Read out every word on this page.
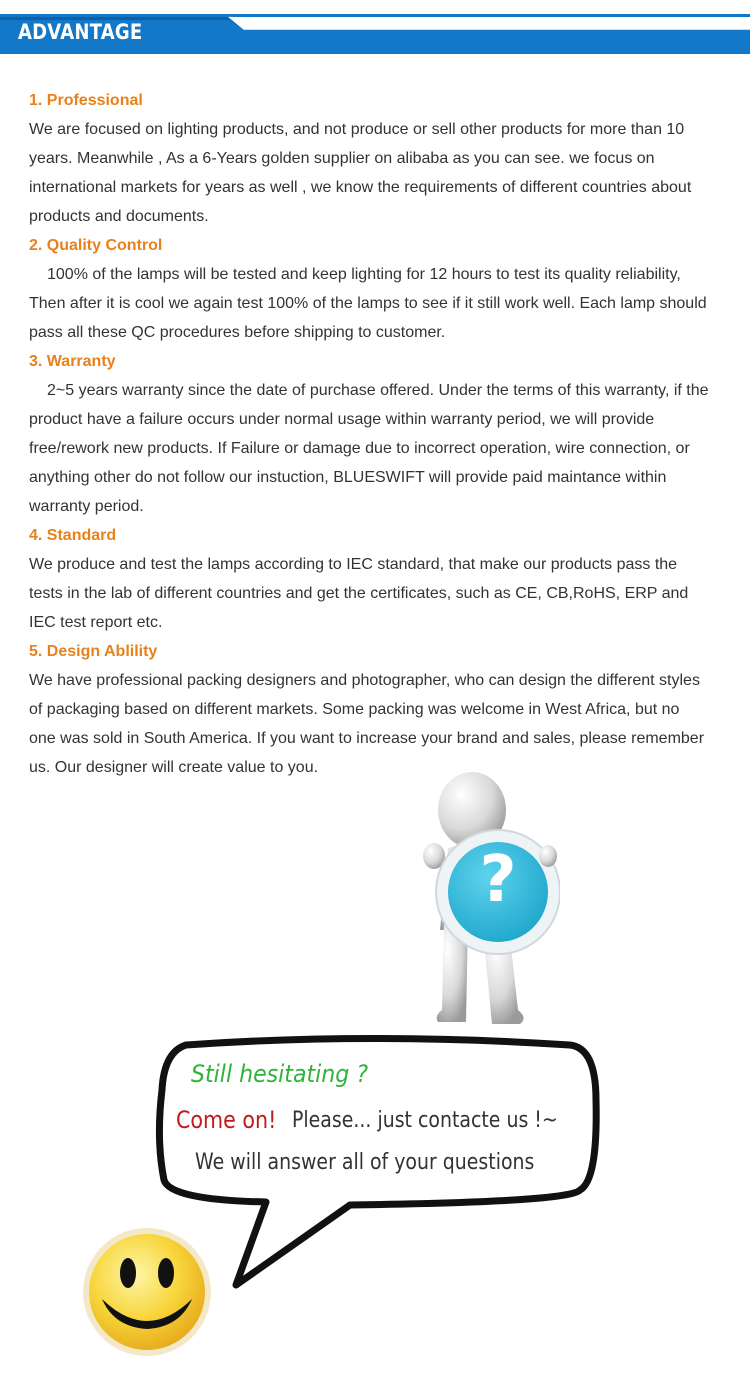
ADVANTAGE
1. Professional
We are focused on lighting products, and not produce or sell other products for more than 10
years. Meanwhile , As a 6-Years golden supplier on alibaba as you can see. we focus on
international markets for years as well , we know the requirements of different countries about
products and documents.
2. Quality Control
100% of the lamps will be tested and keep lighting for 12 hours to test its quality reliability,
Then after it is cool we again test 100% of the lamps to see if it still work well. Each lamp should
pass all these QC procedures before shipping to customer.
3. Warranty
2~5 years warranty since the date of purchase offered. Under the terms of this warranty, if the
product have a failure occurs under normal usage within warranty period, we will provide
free/rework new products. If Failure or damage due to incorrect operation, wire connection, or
anything other do not follow our instuction, BLUESWIFT will provide paid maintance within
warranty period.
4. Standard
We produce and test the lamps according to IEC standard, that make our products pass the
tests in the lab of different countries and get the certificates, such as CE, CB,RoHS, ERP and
IEC test report etc.
5. Design Ablility
We have professional packing designers and photographer, who can design the different styles
of packaging based on different markets. Some packing was welcome in West Africa, but no
one was sold in South America. If you want to increase your brand and sales, please remember
us. Our designer will create value to you.
?
Still hesitating ?
Come on! Please... just contacte us !~
We will answer all of your questions
